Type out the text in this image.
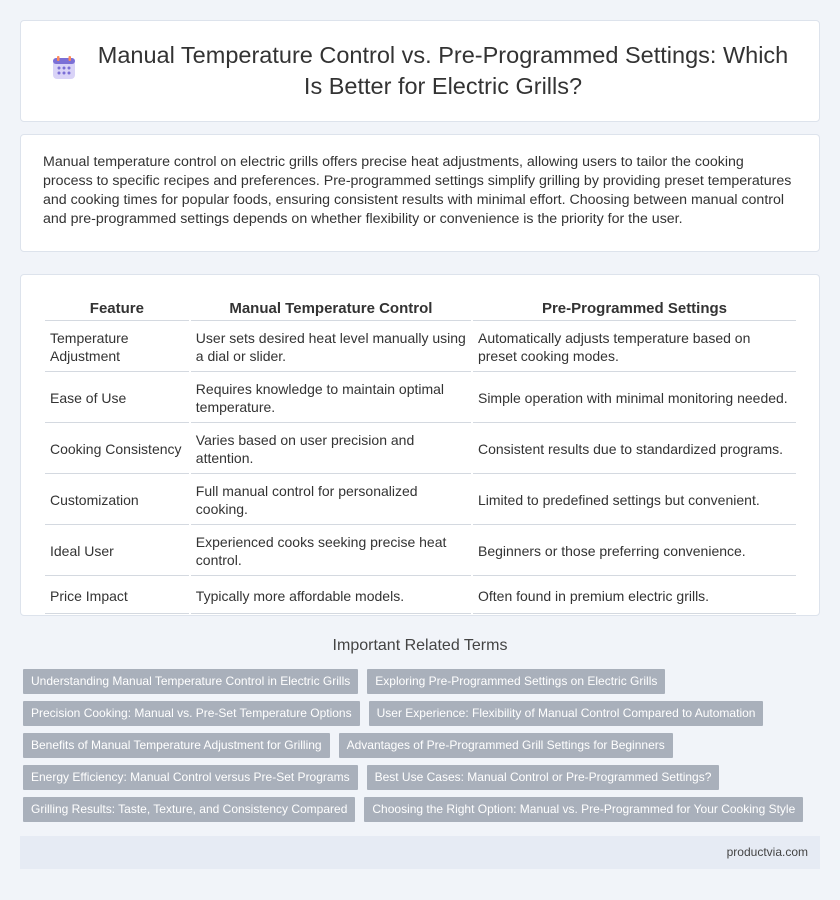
Manual Temperature Control vs. Pre-Programmed Settings: Which Is Better for Electric Grills?

Manual temperature control on electric grills offers precise heat adjustments, allowing users to tailor the cooking process to specific recipes and preferences. Pre-programmed settings simplify grilling by providing preset temperatures and cooking times for popular foods, ensuring consistent results with minimal effort. Choosing between manual control and pre-programmed settings depends on whether flexibility or convenience is the priority for the user.

Feature	Manual Temperature Control	Pre-Programmed Settings
Temperature Adjustment	User sets desired heat level manually using a dial or slider.	Automatically adjusts temperature based on preset cooking modes.
Ease of Use	Requires knowledge to maintain optimal temperature.	Simple operation with minimal monitoring needed.
Cooking Consistency	Varies based on user precision and attention.	Consistent results due to standardized programs.
Customization	Full manual control for personalized cooking.	Limited to predefined settings but convenient.
Ideal User	Experienced cooks seeking precise heat control.	Beginners or those preferring convenience.
Price Impact	Typically more affordable models.	Often found in premium electric grills.
Important Related Terms
Understanding Manual Temperature Control in Electric Grills	Exploring Pre-Programmed Settings on Electric Grills
Precision Cooking: Manual vs. Pre-Set Temperature Options	User Experience: Flexibility of Manual Control Compared to Automation
Benefits of Manual Temperature Adjustment for Grilling	Advantages of Pre-Programmed Grill Settings for Beginners
Energy Efficiency: Manual Control versus Pre-Set Programs	Best Use Cases: Manual Control or Pre-Programmed Settings?
Grilling Results: Taste, Texture, and Consistency Compared	Choosing the Right Option: Manual vs. Pre-Programmed for Your Cooking Style
productvia.com
